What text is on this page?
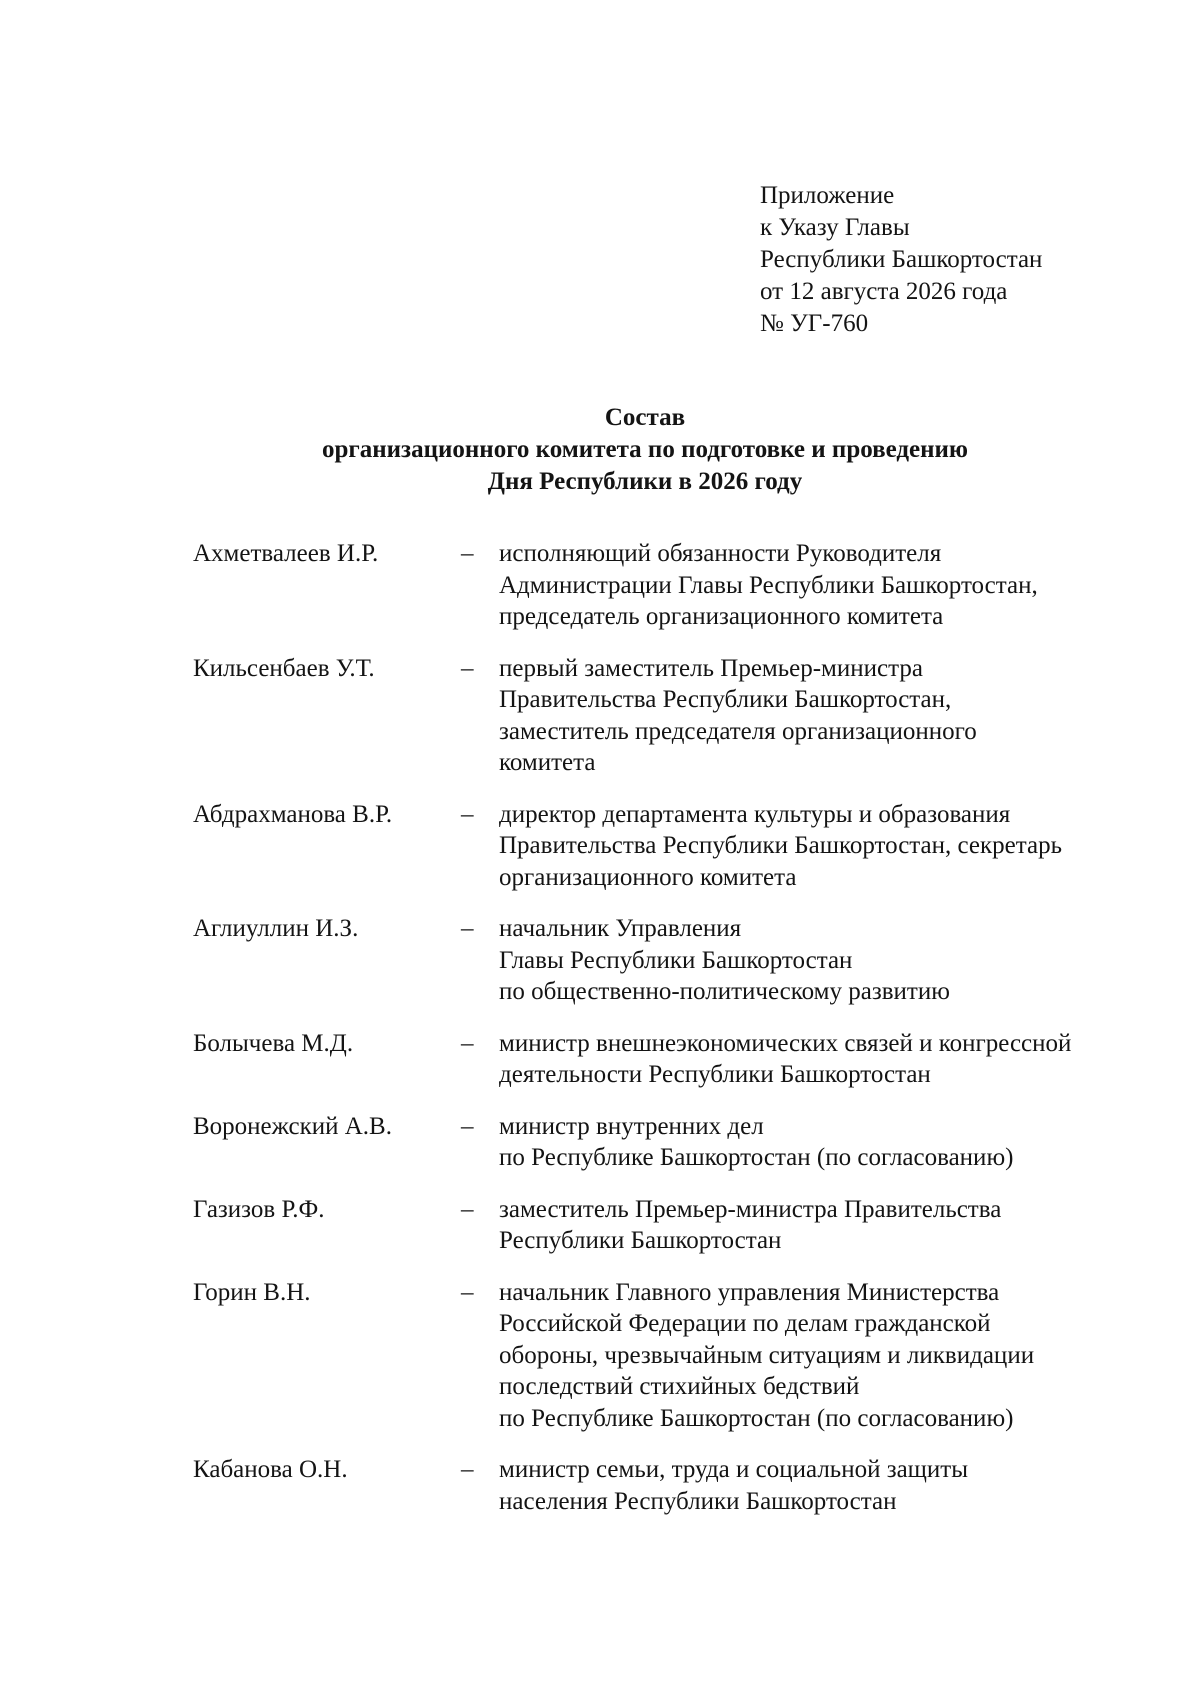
Приложение
к Указу Главы
Республики Башкортостан
от 12 августа 2026 года
№ УГ-760
Состав
организационного комитета по подготовке и проведению
Дня Республики в 2026 году
Ахметвалеев И.Р.	– исполняющий обязанности Руководителя
Администрации Главы Республики Башкортостан,
председатель организационного комитета
Кильсенбаев У.Т.	– первый заместитель Премьер-министра
Правительства Республики Башкортостан,
заместитель председателя организационного
комитета
Абдрахманова В.Р.	– директор департамента культуры и образования
Правительства Республики Башкортостан, секретарь
организационного комитета
Аглиуллин И.З.	– начальник Управления
Главы Республики Башкортостан
по общественно-политическому развитию
Болычева М.Д.	– министр внешнеэкономических связей и конгрессной
деятельности Республики Башкортостан
Воронежский А.В.	– министр внутренних дел
по Республике Башкортостан (по согласованию)
Газизов Р.Ф.	– заместитель Премьер-министра Правительства
Республики Башкортостан
Горин В.Н.	– начальник Главного управления Министерства
Российской Федерации по делам гражданской
обороны, чрезвычайным ситуациям и ликвидации
последствий стихийных бедствий
по Республике Башкортостан (по согласованию)
Кабанова О.Н.	– министр семьи, труда и социальной защиты
населения Республики Башкортостан
